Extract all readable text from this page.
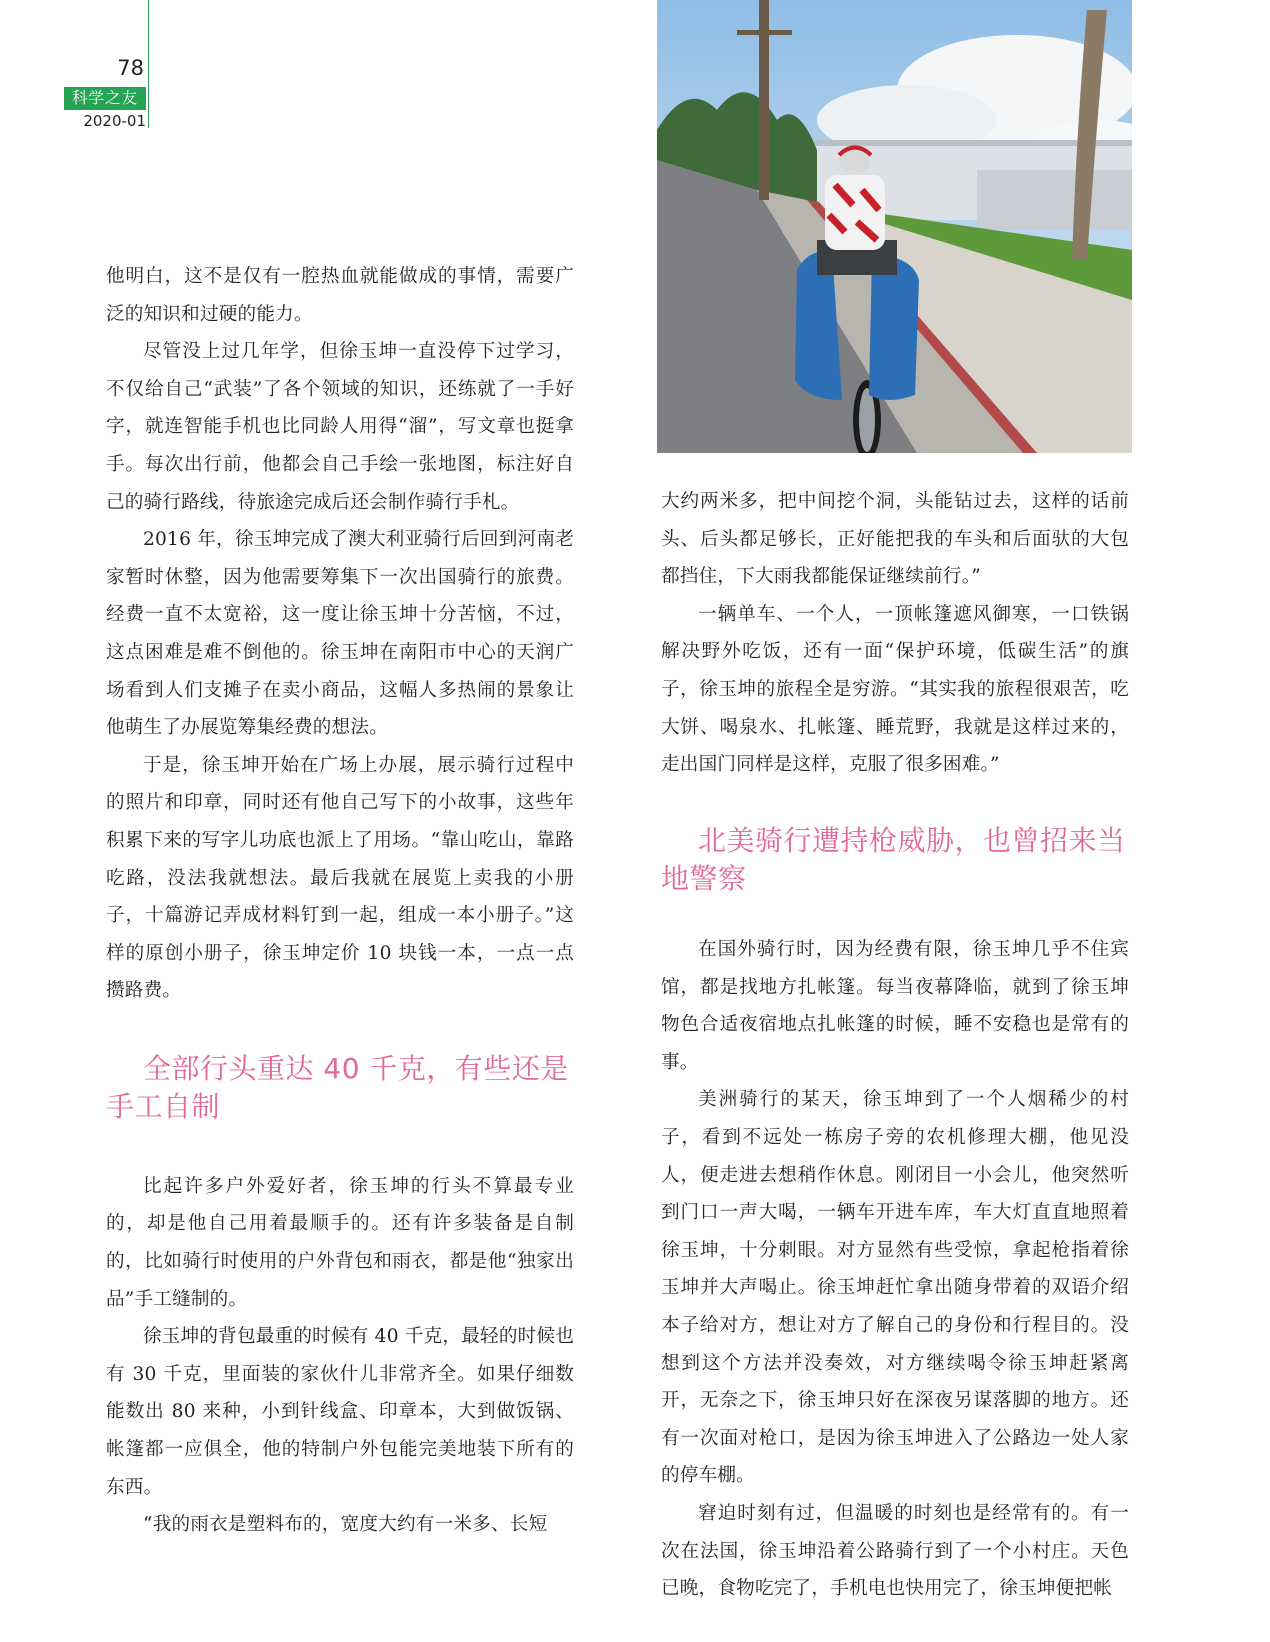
78
科学之友
2020-01

他明白，这不是仅有一腔热血就能做成的事情，需要广泛的知识和过硬的能力。

尽管没上过几年学，但徐玉坤一直没停下过学习，不仅给自己“武装”了各个领域的知识，还练就了一手好字，就连智能手机也比同龄人用得“溜”，写文章也挺拿手。每次出行前，他都会自己手绘一张地图，标注好自己的骑行路线，待旅途完成后还会制作骑行手札。

2016 年，徐玉坤完成了澳大利亚骑行后回到河南老家暂时休整，因为他需要筹集下一次出国骑行的旅费。经费一直不太宽裕，这一度让徐玉坤十分苦恼，不过，这点困难是难不倒他的。徐玉坤在南阳市中心的天润广场看到人们支摊子在卖小商品，这幅人多热闹的景象让他萌生了办展览筹集经费的想法。

于是，徐玉坤开始在广场上办展，展示骑行过程中的照片和印章，同时还有他自己写下的小故事，这些年积累下来的写字儿功底也派上了用场。“靠山吃山，靠路吃路，没法我就想法。最后我就在展览上卖我的小册子，十篇游记弄成材料钉到一起，组成一本小册子。”这样的原创小册子，徐玉坤定价 10 块钱一本，一点一点攒路费。

全部行头重达 40 千克，有些还是手工自制

比起许多户外爱好者，徐玉坤的行头不算最专业的，却是他自己用着最顺手的。还有许多装备是自制的，比如骑行时使用的户外背包和雨衣，都是他“独家出品”手工缝制的。

徐玉坤的背包最重的时候有 40 千克，最轻的时候也有 30 千克，里面装的家伙什儿非常齐全。如果仔细数能数出 80 来种，小到针线盒、印章本，大到做饭锅、帐篷都一应俱全，他的特制户外包能完美地装下所有的东西。

“我的雨衣是塑料布的，宽度大约有一米多、长短

大约两米多，把中间挖个洞，头能钻过去，这样的话前头、后头都足够长，正好能把我的车头和后面驮的大包都挡住，下大雨我都能保证继续前行。”

一辆单车、一个人，一顶帐篷遮风御寒，一口铁锅解决野外吃饭，还有一面“保护环境，低碳生活”的旗子，徐玉坤的旅程全是穷游。“其实我的旅程很艰苦，吃大饼、喝泉水、扎帐篷、睡荒野，我就是这样过来的，走出国门同样是这样，克服了很多困难。”

北美骑行遭持枪威胁，也曾招来当地警察

在国外骑行时，因为经费有限，徐玉坤几乎不住宾馆，都是找地方扎帐篷。每当夜幕降临，就到了徐玉坤物色合适夜宿地点扎帐篷的时候，睡不安稳也是常有的事。

美洲骑行的某天，徐玉坤到了一个人烟稀少的村子，看到不远处一栋房子旁的农机修理大棚，他见没人，便走进去想稍作休息。刚闭目一小会儿，他突然听到门口一声大喝，一辆车开进车库，车大灯直直地照着徐玉坤，十分刺眼。对方显然有些受惊，拿起枪指着徐玉坤并大声喝止。徐玉坤赶忙拿出随身带着的双语介绍本子给对方，想让对方了解自己的身份和行程目的。没想到这个方法并没奏效，对方继续喝令徐玉坤赶紧离开，无奈之下，徐玉坤只好在深夜另谋落脚的地方。还有一次面对枪口，是因为徐玉坤进入了公路边一处人家的停车棚。

窘迫时刻有过，但温暖的时刻也是经常有的。有一次在法国，徐玉坤沿着公路骑行到了一个小村庄。天色已晚，食物吃完了，手机电也快用完了，徐玉坤便把帐
